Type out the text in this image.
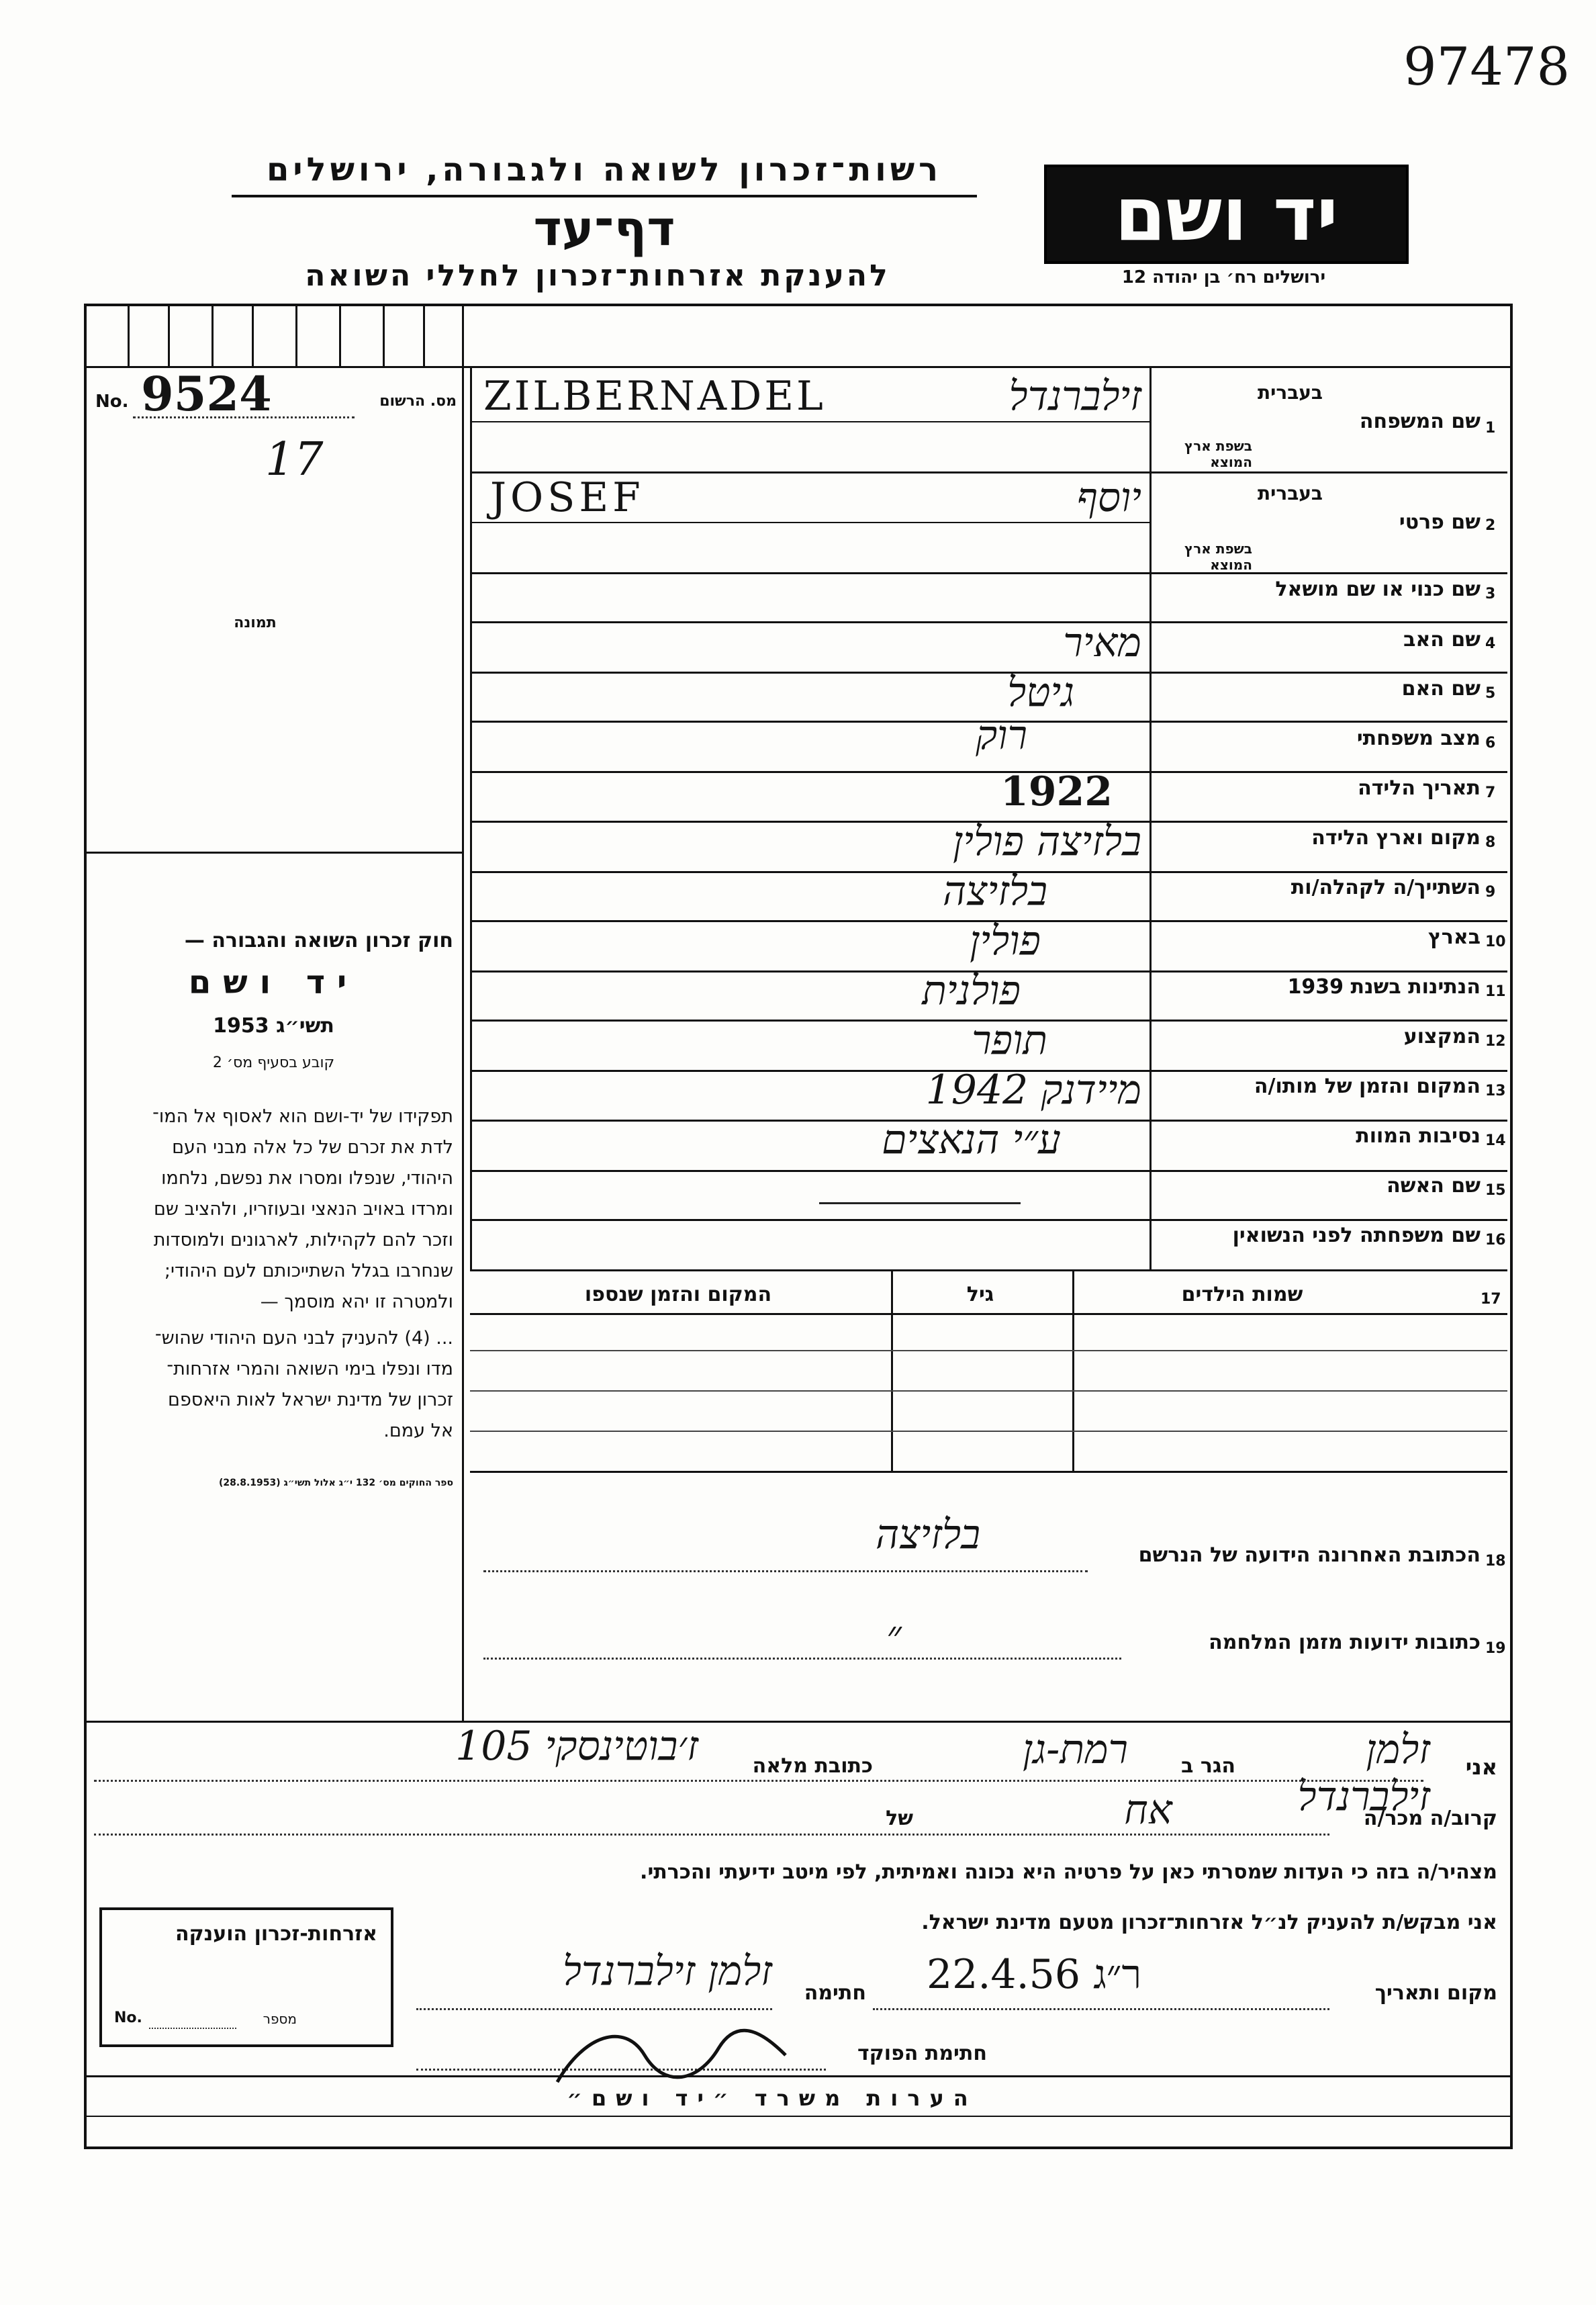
97478
רשות־זכרון לשואה ולגבורה, ירושלים
דף־עד
להענקת אזרחות־זכרון לחללי השואה
יד ושם
ירושלים רח׳ בן יהודה 12
No. 9524	מס. הרשום
17
תמונה
1
שם המשפחה
בעברית
בשפת ארץ המוצא
זילברנדל
ZILBERNADEL
2
שם פרטי
בעברית
בשפת ארץ המוצא
יוסף
JOSEF
3
שם כנוי או שם מושאל
4
שם האב
מאיר
5
שם האם
גיטל
6
מצב משפחתי
רוק
7
תאריך הלידה
1922
8
מקום וארץ הלידה
בלזיצה פולין
9
השתייך/ה לקהלה/ות
בלזיצה
10
בארץ
פולין
11
הנתינות בשנת 1939
פולנית
12
המקצוע
תופר
13
המקום והזמן של מותו/ה
מיידנק 1942
14
נסיבות המוות
ע״י הנאצים
15
שם האשה
16
שם משפחתה לפני הנשואין
17
שמות הילדים
גיל
המקום והזמן שנספו
18
הכתובת האחרונה הידועה של הנרשם
בלזיצה
19
כתובות ידועות מזמן המלחמה
״
חוק זכרון השואה והגבורה —
יד ושם
תשי״ג 1953
קובע בסעיף מס׳ 2
תפקידו של יד-ושם הוא לאסוף אל המו־
לדת את זכרם של כל אלה מבני העם
היהודי, שנפלו ומסרו את נפשם, נלחמו
ומרדו באויב הנאצי ובעוזריו, ולהציב שם
וזכר להם לקהילות, לארגונים ולמוסדות
שנחרבו בגלל השתייכותם לעם היהודי;
ולמטרה זו יהא מוסמך —
... (4) להעניק לבני העם היהודי שהוש־
מדו ונפלו בימי השואה והמרי אזרחות־
זכרון של מדינת ישראל לאות היאספם
אל עמם.
ספר החוקים מס׳ 132 י״ג אלול תשי״ג (28.8.1953)
אני
זלמן זילברנדל
הגר ב
רמת-גן
כתובת מלאה
ז׳בוטינסקי 105
קרוב/ה מכר/ה
אח
של
מצהיר/ה בזה כי העדות שמסרתי כאן על פרטיה היא נכונה ואמיתית, לפי מיטב ידיעתי והכרתי.
אני מבקש/ת להעניק לנ״ל אזרחות־זכרון מטעם מדינת ישראל.
מקום ותאריך
ר״ג 22.4.56
חתימה
זלמן זילברנדל
חתימת הפוקד
אזרחות-זכרון הוענקה
No.	מספר
הערות משרד ״יד ושם״
